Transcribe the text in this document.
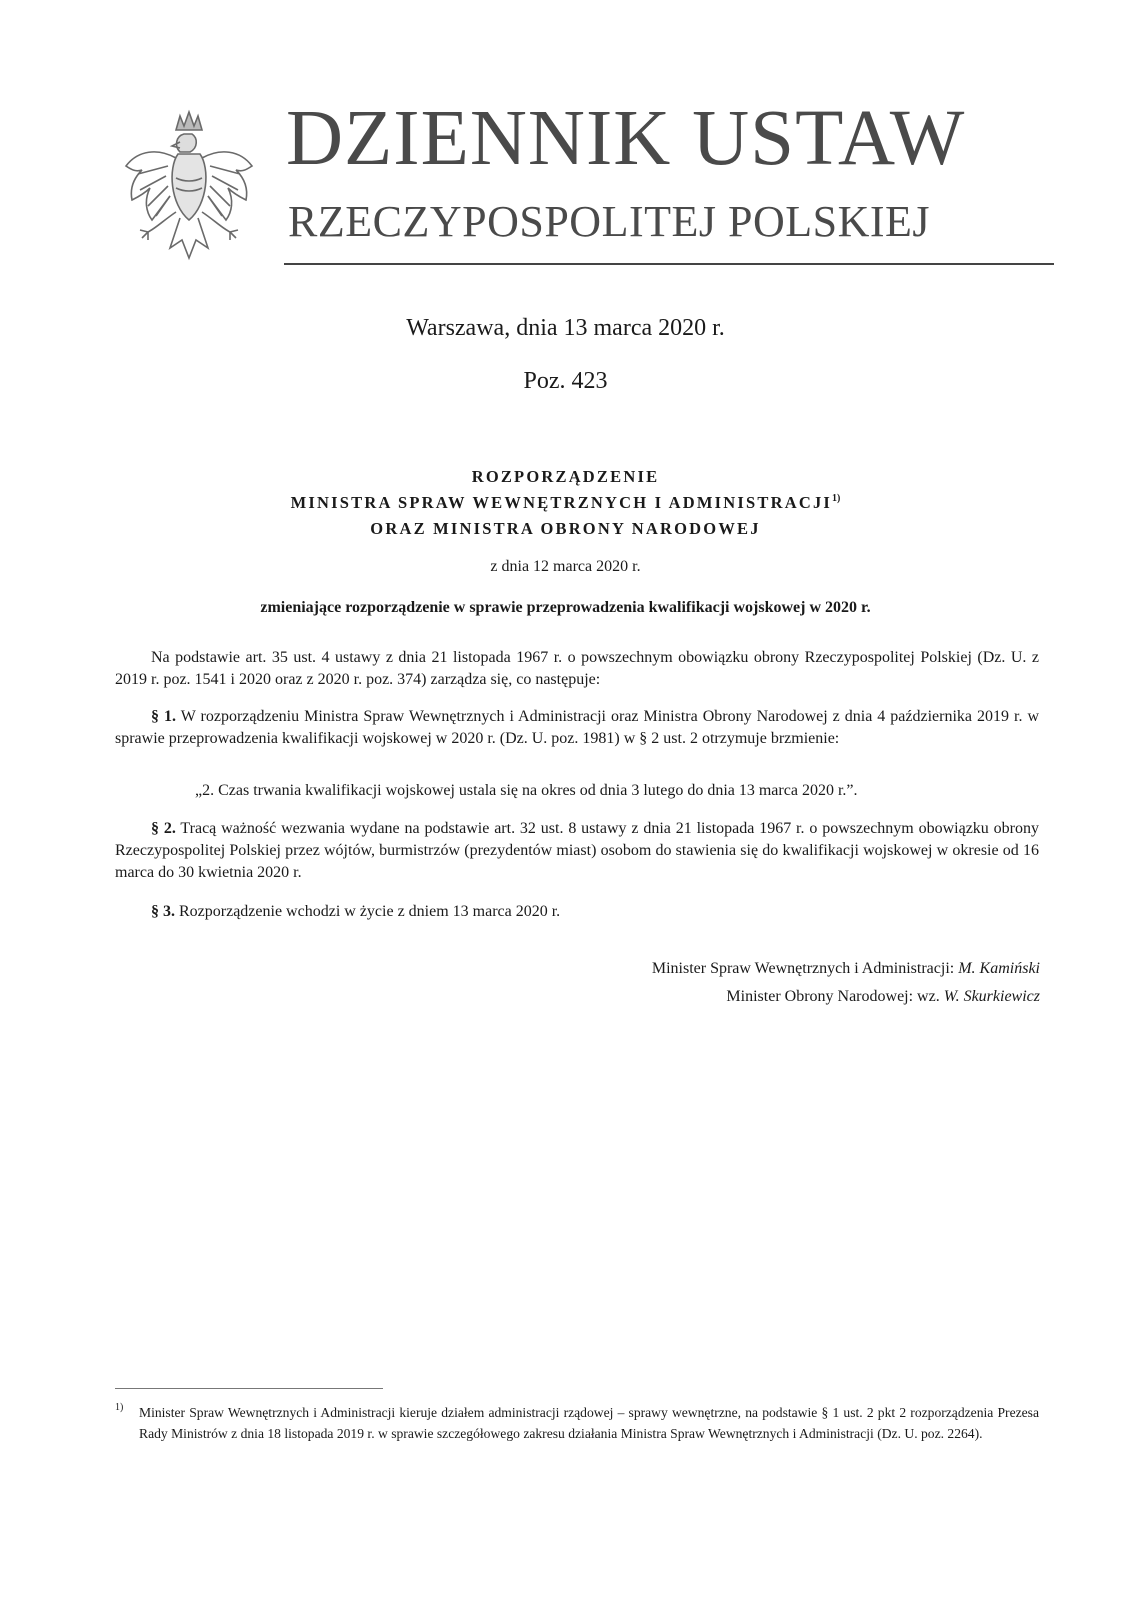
DZIENNIK USTAW
RZECZYPOSPOLITEJ POLSKIEJ
Warszawa, dnia 13 marca 2020 r.
Poz. 423
ROZPORZĄDZENIE
MINISTRA SPRAW WEWNĘTRZNYCH I ADMINISTRACJI$^{1)}$
ORAZ MINISTRA OBRONY NARODOWEJ
z dnia 12 marca 2020 r.
zmieniające rozporządzenie w sprawie przeprowadzenia kwalifikacji wojskowej w 2020 r.

Na podstawie art. 35 ust. 4 ustawy z dnia 21 listopada 1967 r. o powszechnym obowiązku obrony Rzeczypospolitej Polskiej (Dz. U. z 2019 r. poz. 1541 i 2020 oraz z 2020 r. poz. 374) zarządza się, co następuje:

§ 1. W rozporządzeniu Ministra Spraw Wewnętrznych i Administracji oraz Ministra Obrony Narodowej z dnia 4 października 2019 r. w sprawie przeprowadzenia kwalifikacji wojskowej w 2020 r. (Dz. U. poz. 1981) w § 2 ust. 2 otrzymuje brzmienie:

„2. Czas trwania kwalifikacji wojskowej ustala się na okres od dnia 3 lutego do dnia 13 marca 2020 r.”.

§ 2. Tracą ważność wezwania wydane na podstawie art. 32 ust. 8 ustawy z dnia 21 listopada 1967 r. o powszechnym obowiązku obrony Rzeczypospolitej Polskiej przez wójtów, burmistrzów (prezydentów miast) osobom do stawienia się do kwalifikacji wojskowej w okresie od 16 marca do 30 kwietnia 2020 r.

§ 3. Rozporządzenie wchodzi w życie z dniem 13 marca 2020 r.

Minister Spraw Wewnętrznych i Administracji: M. Kamiński
Minister Obrony Narodowej: wz. W. Skurkiewicz
1) Minister Spraw Wewnętrznych i Administracji kieruje działem administracji rządowej – sprawy wewnętrzne, na podstawie § 1 ust. 2 pkt 2 rozporządzenia Prezesa Rady Ministrów z dnia 18 listopada 2019 r. w sprawie szczegółowego zakresu działania Ministra Spraw Wewnętrznych i Administracji (Dz. U. poz. 2264).
